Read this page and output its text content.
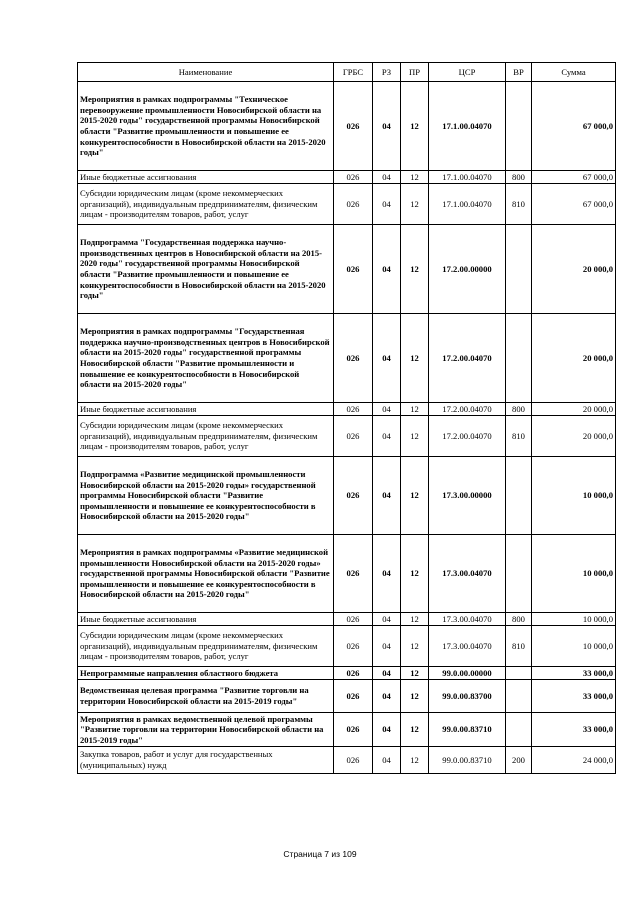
Наименование	ГРБС	РЗ	ПР	ЦСР	ВР	Сумма
Мероприятия в рамках подпрограммы "Техническое перевооружение промышленности Новосибирской области на 2015-2020 годы" государственной программы Новосибирской области "Развитие промышленности и повышение ее конкурентоспособности в Новосибирской области на 2015-2020 годы"	026	04	12	17.1.00.04070		67 000,0
Иные бюджетные ассигнования	026	04	12	17.1.00.04070	800	67 000,0
Субсидии юридическим лицам (кроме некоммерческих организаций), индивидуальным предпринимателям, физическим лицам - производителям товаров, работ, услуг	026	04	12	17.1.00.04070	810	67 000,0
Подпрограмма "Государственная поддержка научно-производственных центров в Новосибирской области на 2015-2020 годы" государственной программы Новосибирской области "Развитие промышленности и повышение ее конкурентоспособности в Новосибирской области на 2015-2020 годы"	026	04	12	17.2.00.00000		20 000,0
Мероприятия в рамках подпрограммы "Государственная поддержка научно-производственных центров в Новосибирской области на 2015-2020 годы" государственной программы Новосибирской области "Развитие промышленности и повышение ее конкурентоспособности в Новосибирской области на 2015-2020 годы"	026	04	12	17.2.00.04070		20 000,0
Иные бюджетные ассигнования	026	04	12	17.2.00.04070	800	20 000,0
Субсидии юридическим лицам (кроме некоммерческих организаций), индивидуальным предпринимателям, физическим лицам - производителям товаров, работ, услуг	026	04	12	17.2.00.04070	810	20 000,0
Подпрограмма «Развитие медицинской промышленности Новосибирской области на 2015-2020 годы» государственной программы Новосибирской области "Развитие промышленности и повышение ее конкурентоспособности в Новосибирской области на 2015-2020 годы"	026	04	12	17.3.00.00000		10 000,0
Мероприятия в рамках подпрограммы «Развитие медицинской промышленности Новосибирской области на 2015-2020 годы» государственной программы Новосибирской области "Развитие промышленности и повышение ее конкурентоспособности в Новосибирской области на 2015-2020 годы"	026	04	12	17.3.00.04070		10 000,0
Иные бюджетные ассигнования	026	04	12	17.3.00.04070	800	10 000,0
Субсидии юридическим лицам (кроме некоммерческих организаций), индивидуальным предпринимателям, физическим лицам - производителям товаров, работ, услуг	026	04	12	17.3.00.04070	810	10 000,0
Непрограммные направления областного бюджета	026	04	12	99.0.00.00000		33 000,0
Ведомственная целевая программа "Развитие торговли на территории Новосибирской области на 2015-2019 годы"	026	04	12	99.0.00.83700		33 000,0
Мероприятия в рамках ведомственной целевой программы "Развитие торговли на территории Новосибирской области на 2015-2019 годы"	026	04	12	99.0.00.83710		33 000,0
Закупка товаров, работ и услуг для государственных (муниципальных) нужд	026	04	12	99.0.00.83710	200	24 000,0
Страница 7 из 109
